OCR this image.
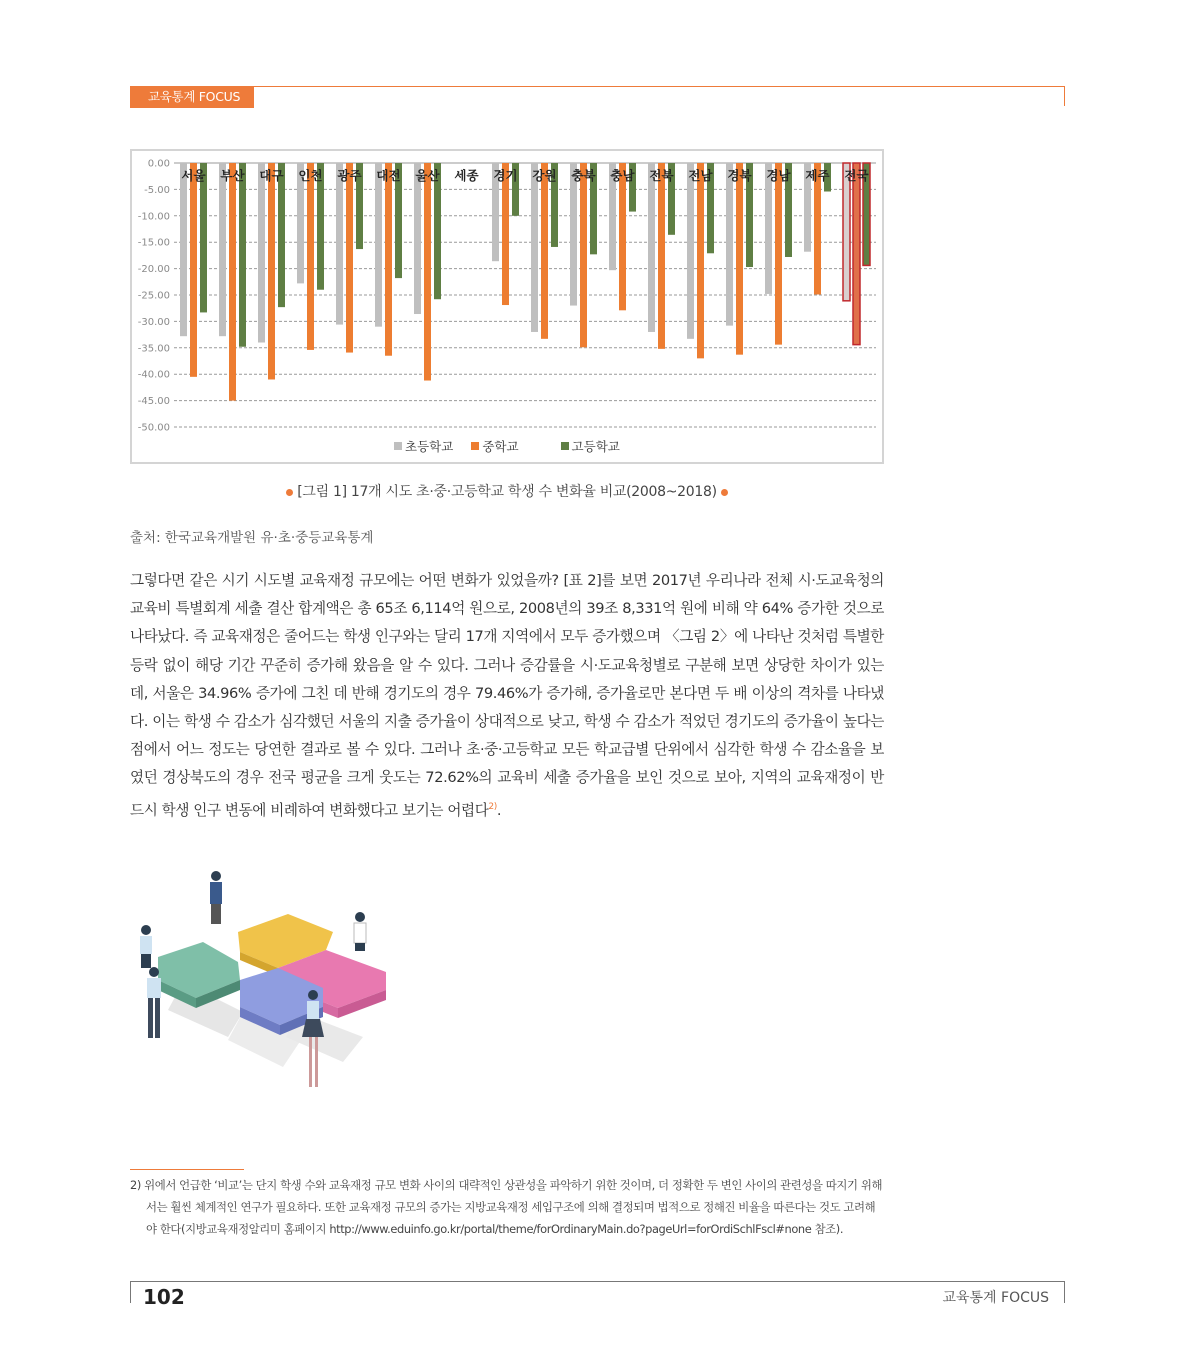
교육통계 FOCUS
0.00
-5.00
-10.00
-15.00
-20.00
-25.00
-30.00
-35.00
-40.00
-45.00
-50.00
서울 부산 대구 인천 광주 대전 울산 세종 경기 강원 충북 충남 전북 전남 경북 경남 제주 전국
초등학교 중학교	고등학교
[그림 1] 17개 시도 초·중·고등학교 학생 수 변화율 비교(2008~2018)
출처: 한국교육개발원 유·초·중등교육통계

그렇다면 같은 시기 시도별 교육재정 규모에는 어떤 변화가 있었을까? [표 2]를 보면 2017년 우리나라 전체 시·도교육청의 교육비 특별회계 세출 결산 합계액은 총 65조 6,114억 원으로, 2008년의 39조 8,331억 원에 비해 약 64% 증가한 것으로 나타났다. 즉 교육재정은 줄어드는 학생 인구와는 달리 17개 지역에서 모두 증가했으며 〈그림 2〉에 나타난 것처럼 특별한 등락 없이 해당 기간 꾸준히 증가해 왔음을 알 수 있다. 그러나 증감률을 시·도교육청별로 구분해 보면 상당한 차이가 있는데, 서울은 34.96% 증가에 그친 데 반해 경기도의 경우 79.46%가 증가해, 증가율로만 본다면 두 배 이상의 격차를 나타냈다. 이는 학생 수 감소가 심각했던 서울의 지출 증가율이 상대적으로 낮고, 학생 수 감소가 적었던 경기도의 증가율이 높다는 점에서 어느 정도는 당연한 결과로 볼 수 있다. 그러나 초·중·고등학교 모든 학교급별 단위에서 심각한 학생 수 감소율을 보였던 경상북도의 경우 전국 평균을 크게 웃도는 72.62%의 교육비 세출 증가율을 보인 것으로 보아, 지역의 교육재정이 반드시 학생 인구 변동에 비례하여 변화했다고 보기는 어렵다$^{2)}$.

2) 위에서 언급한 ‘비교’는 단지 학생 수와 교육재정 규모 변화 사이의 대략적인 상관성을 파악하기 위한 것이며, 더 정확한 두 변인 사이의 관련성을 따지기 위해서는 훨씬 체계적인 연구가 필요하다. 또한 교육재정 규모의 증가는 지방교육재정 세입구조에 의해 결정되며 법적으로 정해진 비율을 따른다는 것도 고려해야 한다(지방교육재정알리미 홈페이지 http://www.eduinfo.go.kr/portal/theme/forOrdinaryMain.do?pageUrl=forOrdiSchlFscl#none 참조).

102	교육통계 FOCUS
